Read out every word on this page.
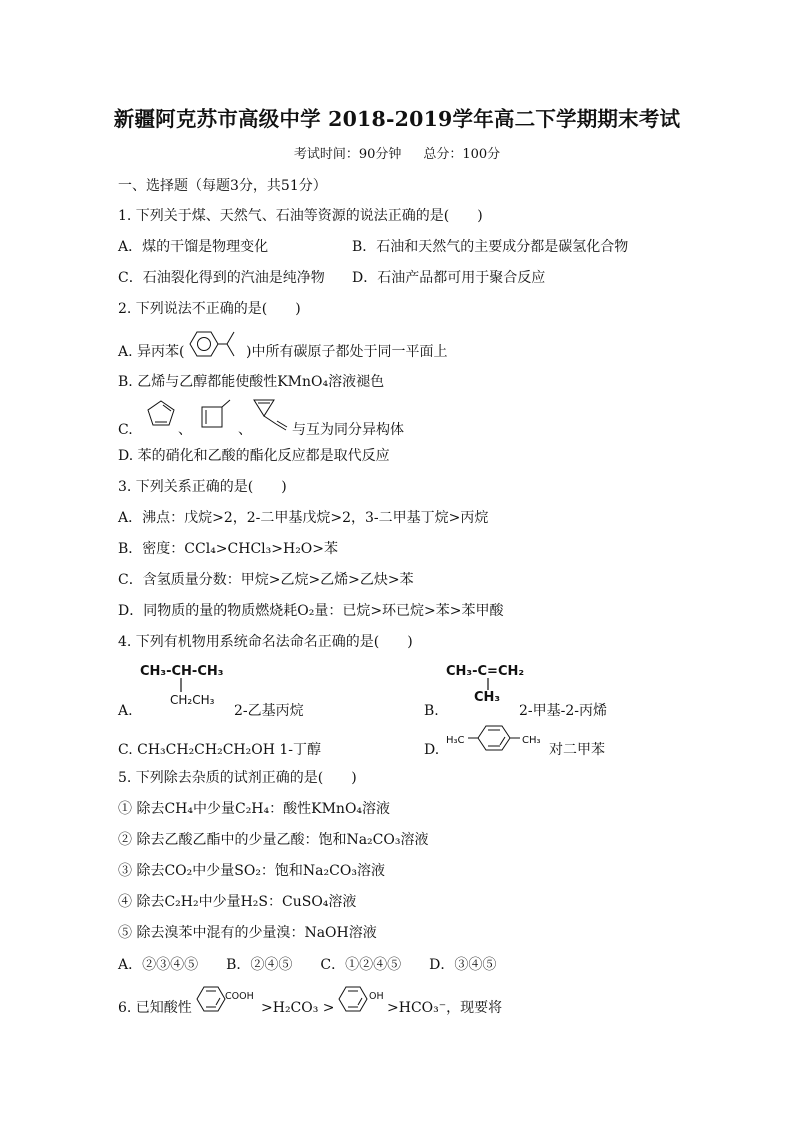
新疆阿克苏市高级中学 2018-2019学年高二下学期期末考试
考试时间：90分钟 总分：100分
一、选择题（每题3分，共51分）
1. 下列关于煤、天然气、石油等资源的说法正确的是(　　)
A．煤的干馏是物理变化	B．石油和天然气的主要成分都是碳氢化合物
C．石油裂化得到的汽油是纯净物 D．石油产品都可用于聚合反应
2. 下列说法不正确的是(　　)
A. 异丙苯(	)中所有碳原子都处于同一平面上
B. 乙烯与乙醇都能使酸性KMnO₄溶液褪色
C.	、	、	与互为同分异构体
D. 苯的硝化和乙酸的酯化反应都是取代反应
3. 下列关系正确的是(　　)
A．沸点：戊烷>2，2-二甲基戊烷>2，3-二甲基丁烷>丙烷
B．密度：CCl₄>CHCl₃>H₂O>苯
C．含氢质量分数：甲烷>乙烷>乙烯>乙炔>苯
D．同物质的量的物质燃烧耗O₂量：已烷>环已烷>苯>苯甲酸
4. 下列有机物用系统命名法命名正确的是(　　)
CH₃-CH-CH₃
CH₂CH₃
A.	2-乙基丙烷
CH₃-C=CH₂
CH₃
B.	2-甲基-2-丙烯
C. CH₃CH₂CH₂CH₂OH 1-丁醇	D.
H₃C	CH₃
对二甲苯
5. 下列除去杂质的试剂正确的是(　　)
① 除去CH₄中少量C₂H₄：酸性KMnO₄溶液
② 除去乙酸乙酯中的少量乙酸：饱和Na₂CO₃溶液
③ 除去CO₂中少量SO₂：饱和Na₂CO₃溶液
④ 除去C₂H₂中少量H₂S：CuSO₄溶液
⑤ 除去溴苯中混有的少量溴：NaOH溶液
A．②③④⑤　　B．②④⑤　　C．①②④⑤　　D．③④⑤
6. 已知酸性
COOH
>H₂CO₃ >
OH
>HCO₃⁻，现要将
